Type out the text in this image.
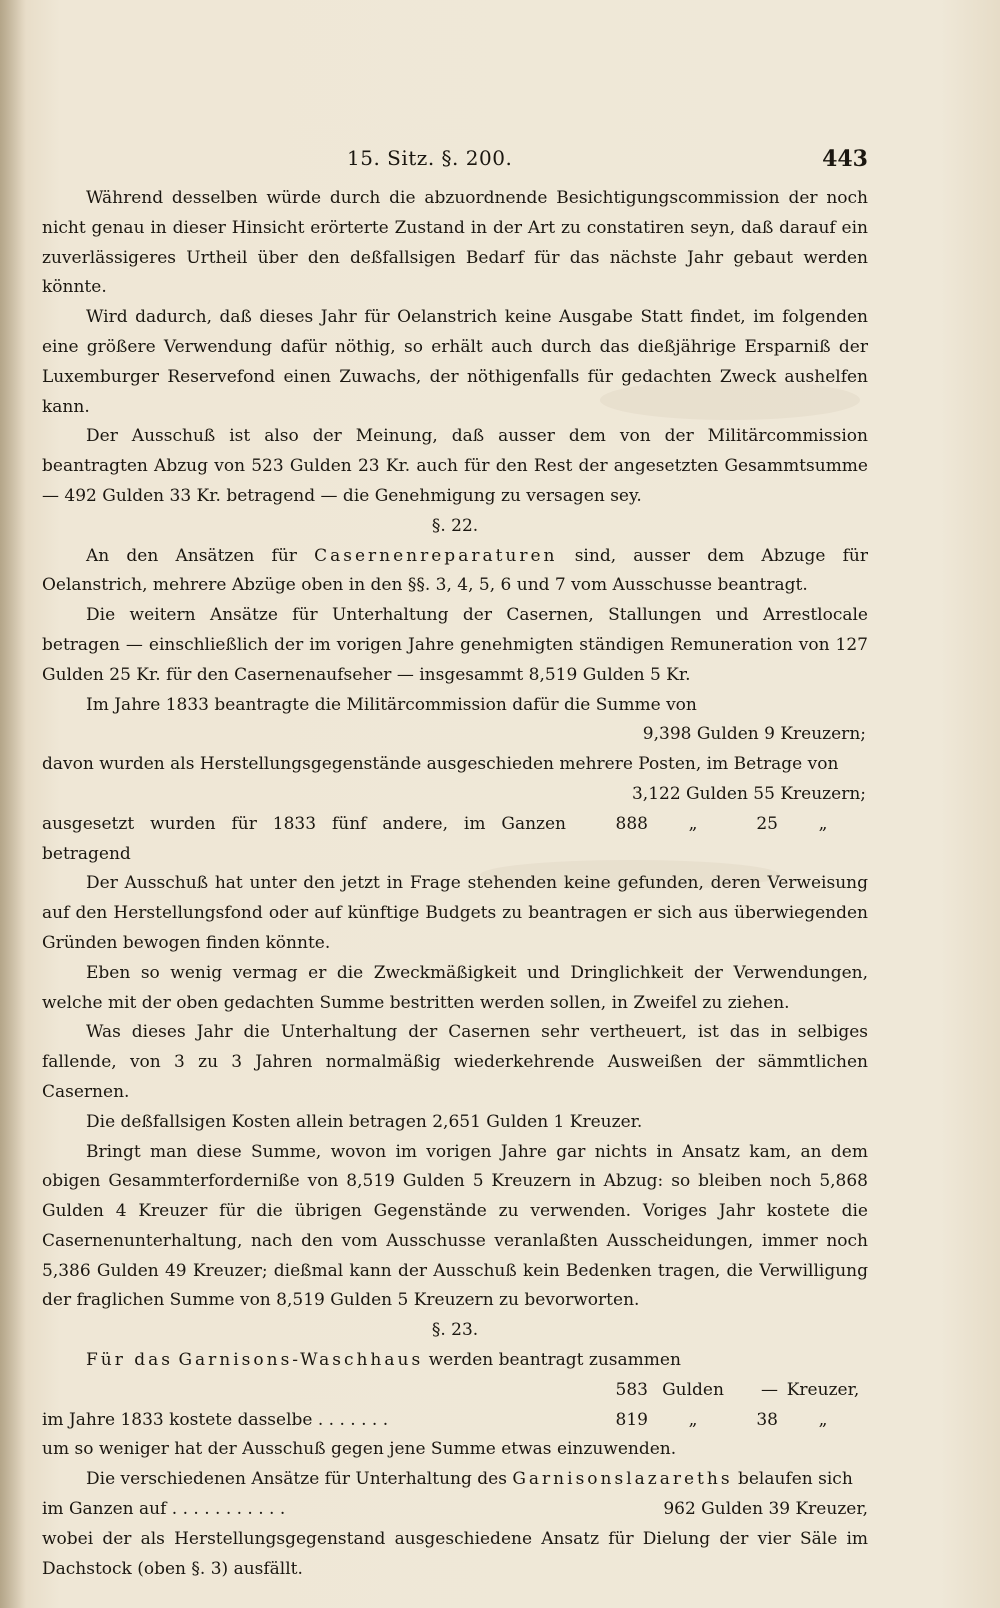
15. Sitz. §. 200.	443

Während desselben würde durch die abzuordnende Besichtigungscommission der noch nicht genau in dieser Hinsicht erörterte Zustand in der Art zu constatiren seyn, daß darauf ein zuverlässigeres Urtheil über den deßfallsigen Bedarf für das nächste Jahr gebaut werden könnte.

Wird dadurch, daß dieses Jahr für Oelanstrich keine Ausgabe Statt findet, im folgenden eine größere Verwendung dafür nöthig, so erhält auch durch das dießjährige Ersparniß der Luxemburger Reservefond einen Zuwachs, der nöthigenfalls für gedachten Zweck aushelfen kann.

Der Ausschuß ist also der Meinung, daß ausser dem von der Militärcommission beantragten Abzug von 523 Gulden 23 Kr. auch für den Rest der angesetzten Gesammtsumme — 492 Gulden 33 Kr. betragend — die Genehmigung zu versagen sey.

§. 22.

An den Ansätzen für Casernenreparaturen sind, ausser dem Abzuge für Oelanstrich, mehrere Abzüge oben in den §§. 3, 4, 5, 6 und 7 vom Ausschusse beantragt.

Die weitern Ansätze für Unterhaltung der Casernen, Stallungen und Arrestlocale betragen — einschließlich der im vorigen Jahre genehmigten ständigen Remuneration von 127 Gulden 25 Kr. für den Casernenaufseher — insgesammt 8,519 Gulden 5 Kr.

Im Jahre 1833 beantragte die Militärcommission dafür die Summe von

9,398 Gulden 9 Kreuzern;

davon wurden als Herstellungsgegenstände ausgeschieden mehrere Posten, im Betrage von

3,122 Gulden 55 Kreuzern;
ausgesetzt wurden für 1833 fünf andere, im Ganzen betragend
888	„	25	„

Der Ausschuß hat unter den jetzt in Frage stehenden keine gefunden, deren Verweisung auf den Herstellungsfond oder auf künftige Budgets zu beantragen er sich aus überwiegenden Gründen bewogen finden könnte.

Eben so wenig vermag er die Zweckmäßigkeit und Dringlichkeit der Verwendungen, welche mit der oben gedachten Summe bestritten werden sollen, in Zweifel zu ziehen.

Was dieses Jahr die Unterhaltung der Casernen sehr vertheuert, ist das in selbiges fallende, von 3 zu 3 Jahren normalmäßig wiederkehrende Ausweißen der sämmtlichen Casernen.

Die deßfallsigen Kosten allein betragen 2,651 Gulden 1 Kreuzer.

Bringt man diese Summe, wovon im vorigen Jahre gar nichts in Ansatz kam, an dem obigen Gesammterforderniße von 8,519 Gulden 5 Kreuzern in Abzug: so bleiben noch 5,868 Gulden 4 Kreuzer für die übrigen Gegenstände zu verwenden. Voriges Jahr kostete die Casernenunterhaltung, nach den vom Ausschusse veranlaßten Ausscheidungen, immer noch 5,386 Gulden 49 Kreuzer; dießmal kann der Ausschuß kein Bedenken tragen, die Verwilligung der fraglichen Summe von 8,519 Gulden 5 Kreuzern zu bevorworten.

§. 23.

Für das Garnisons-Waschhaus werden beantragt zusammen

583 Gulden	— Kreuzer,
im Jahre 1833 kostete dasselbe . . . . . . .	819	„	38	„

um so weniger hat der Ausschuß gegen jene Summe etwas einzuwenden.

Die verschiedenen Ansätze für Unterhaltung des Garnisonslazareths belaufen sich

im Ganzen auf . . . . . . . . . . .	962 Gulden 39 Kreuzer,

wobei der als Herstellungsgegenstand ausgeschiedene Ansatz für Dielung der vier Säle im Dachstock (oben §. 3) ausfällt.
